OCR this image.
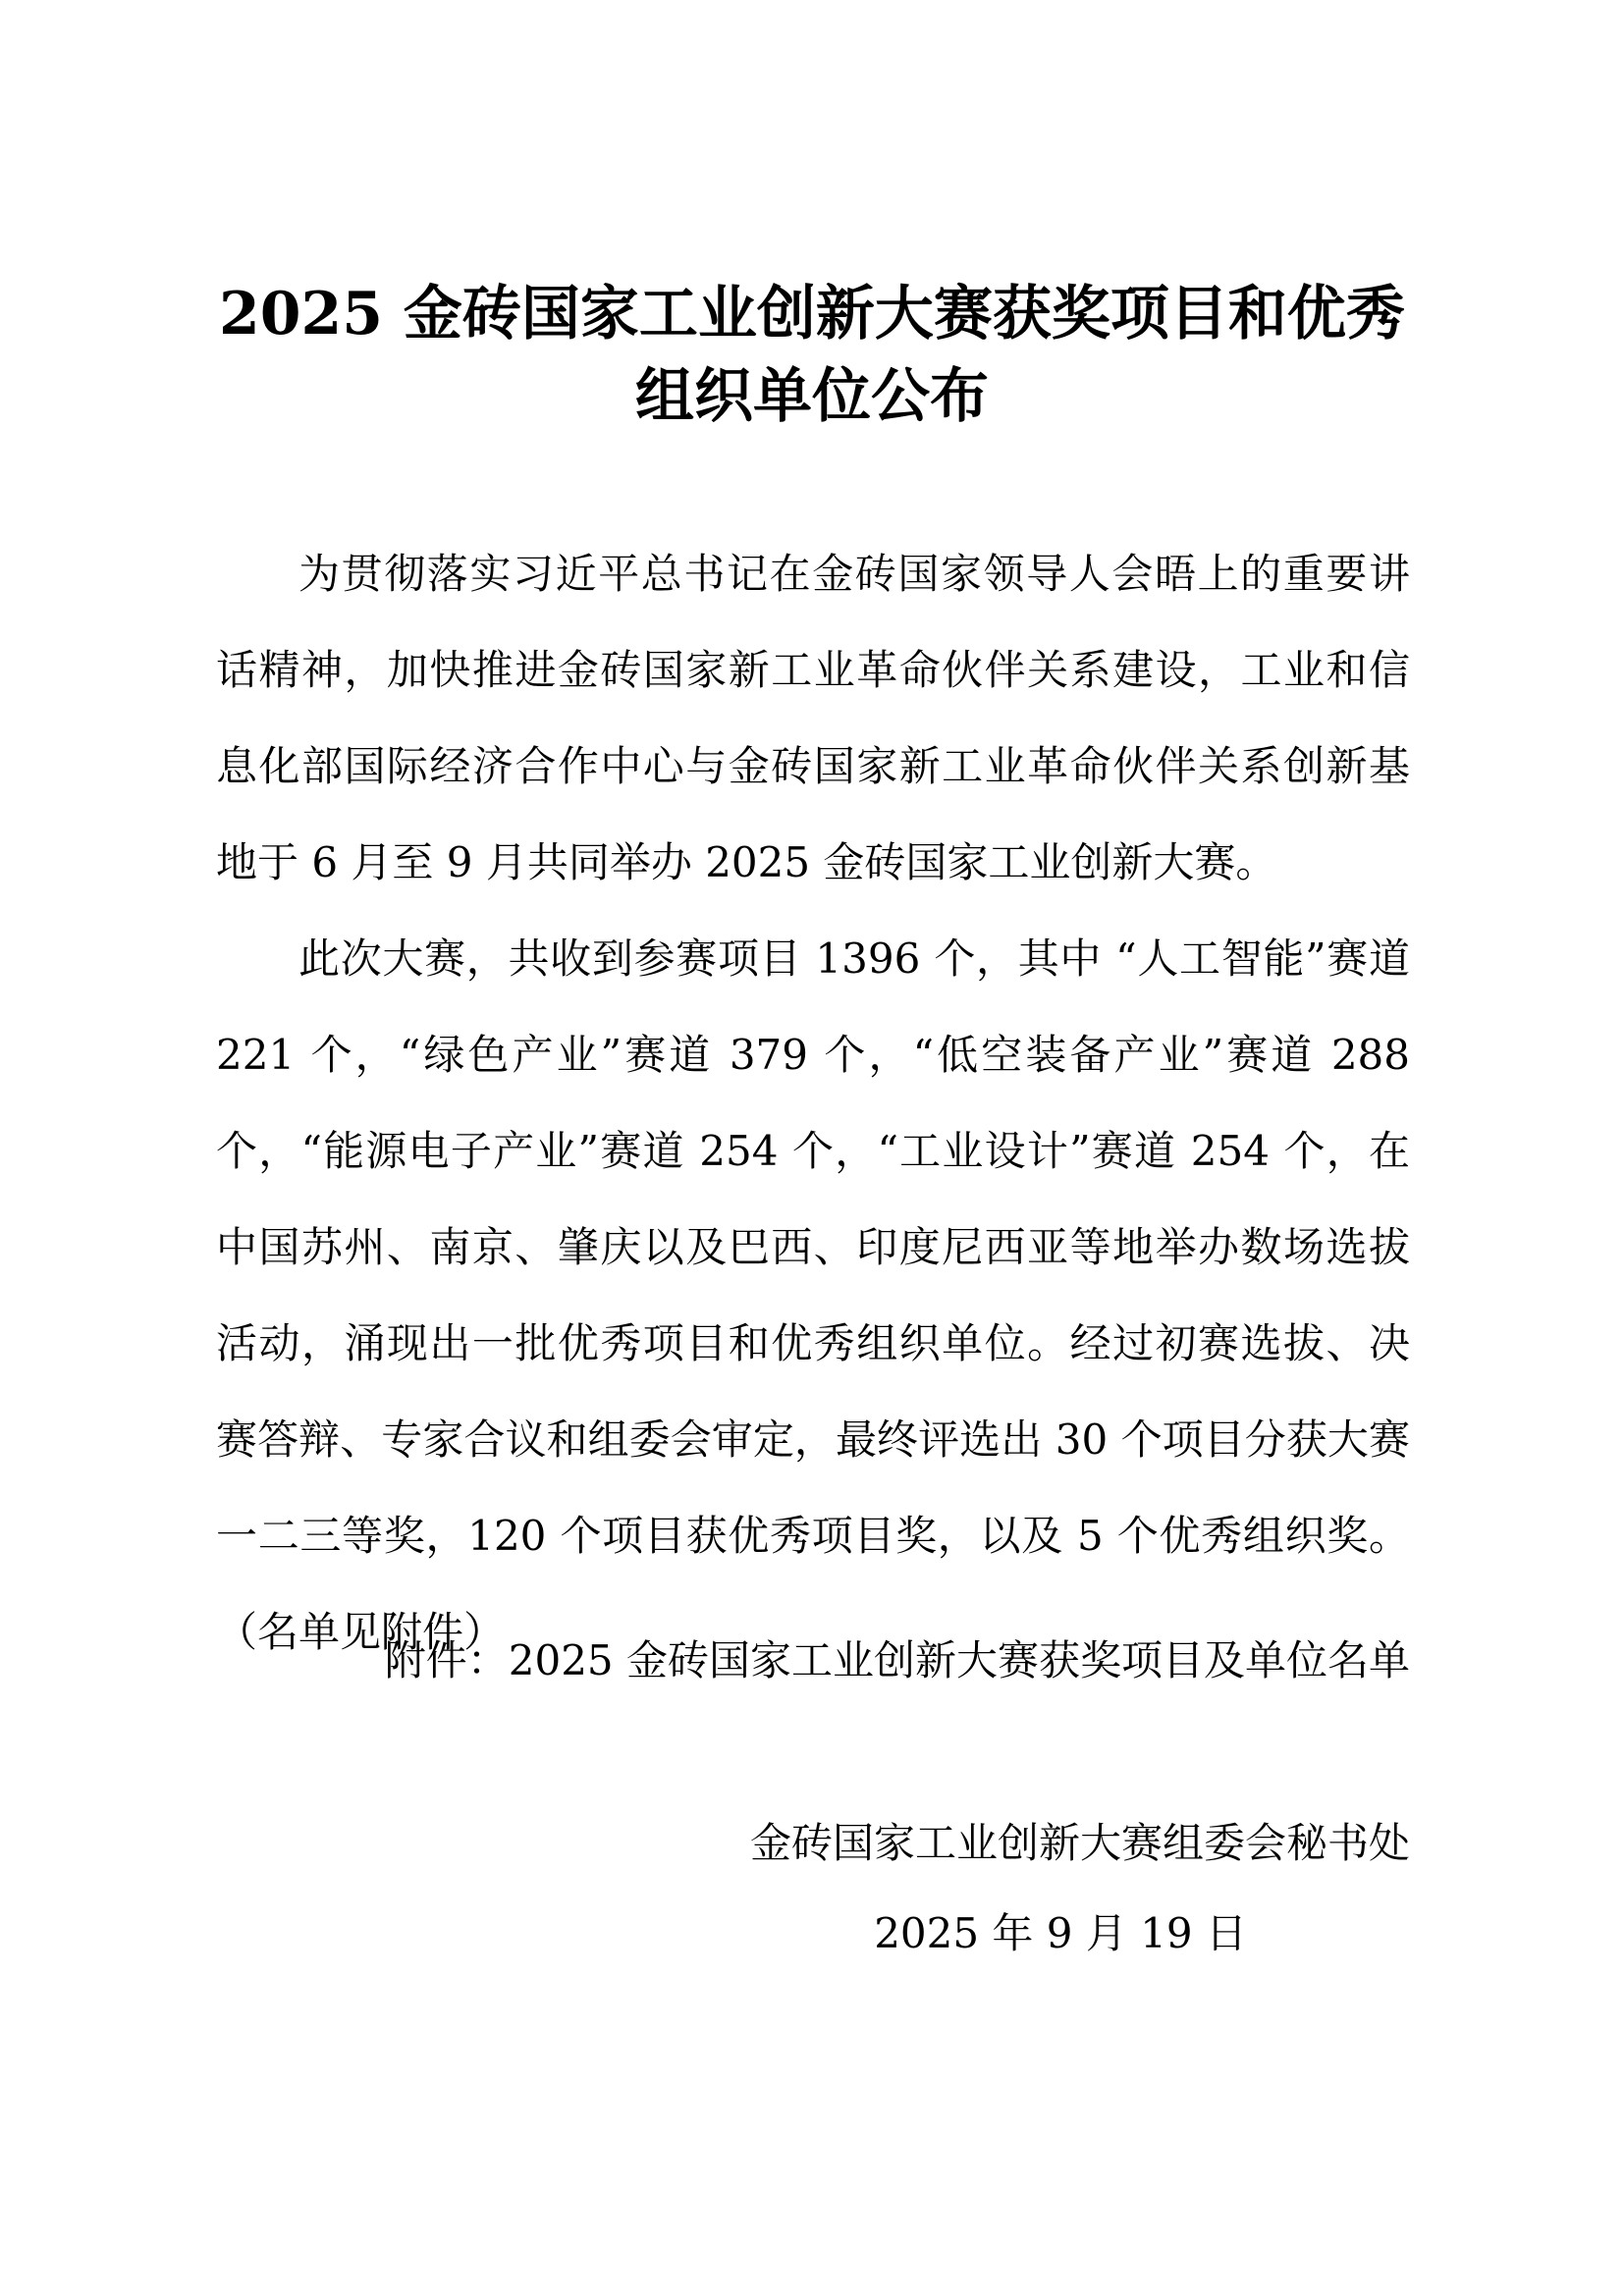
2025 金砖国家工业创新大赛获奖项目和优秀
组织单位公布

为贯彻落实习近平总书记在金砖国家领导人会晤上的重要讲话精神，加快推进金砖国家新工业革命伙伴关系建设，工业和信息化部国际经济合作中心与金砖国家新工业革命伙伴关系创新基地于 6 月至 9 月共同举办 2025 金砖国家工业创新大赛。

此次大赛，共收到参赛项目 1396 个，其中 “人工智能”赛道 221 个，“绿色产业”赛道 379 个，“低空装备产业”赛道 288 个，“能源电子产业”赛道 254 个，“工业设计”赛道 254 个，在中国苏州、南京、肇庆以及巴西、印度尼西亚等地举办数场选拔活动，涌现出一批优秀项目和优秀组织单位。经过初赛选拔、决赛答辩、专家合议和组委会审定，最终评选出 30 个项目分获大赛一二三等奖，120 个项目获优秀项目奖，以及 5 个优秀组织奖。（名单见附件）

附件：2025 金砖国家工业创新大赛获奖项目及单位名单

金砖国家工业创新大赛组委会秘书处

2025 年 9 月 19 日
